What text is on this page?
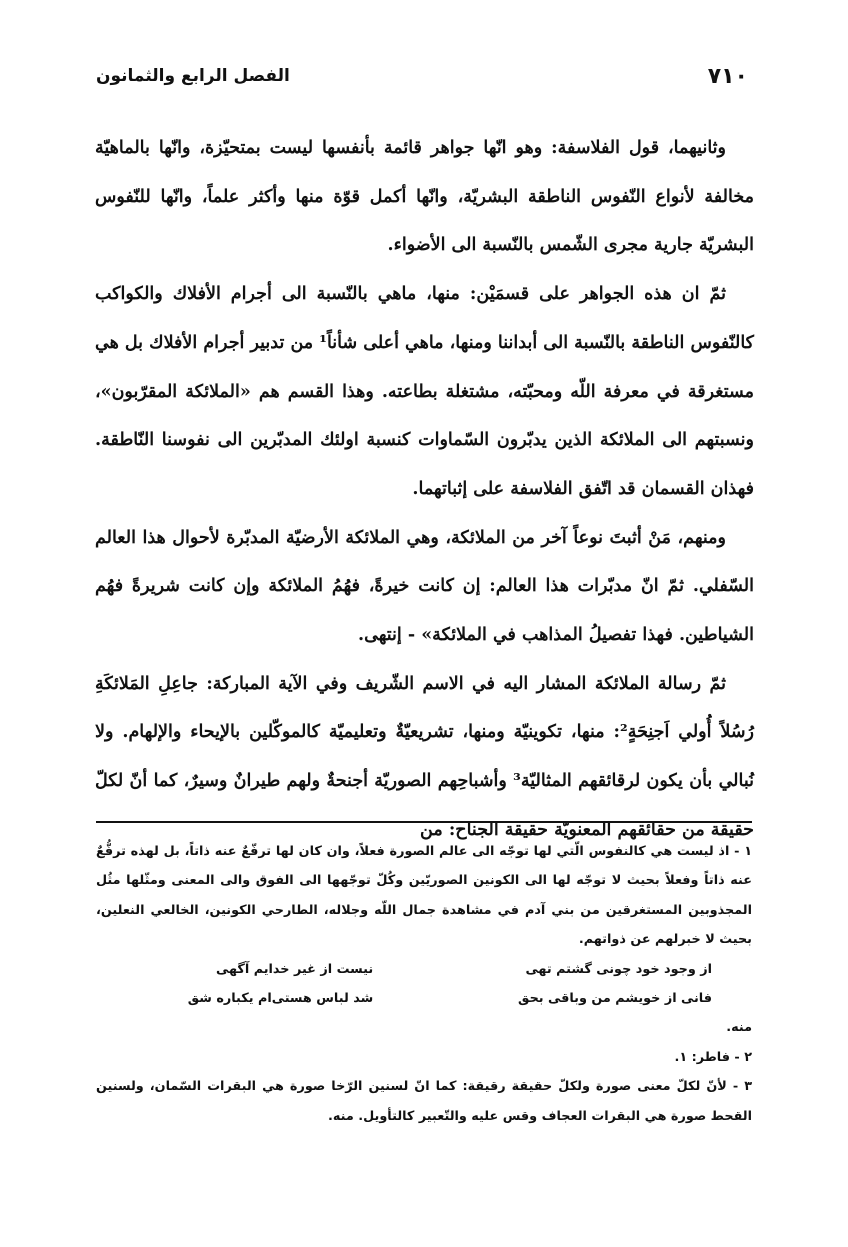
٧١٠
الفصل الرابع والثمانون

وثانيهما، قول الفلاسفة: وهو انّها جواهر قائمة بأنفسها ليست بمتحيّزة، وانّها بالماهيّة مخالفة لأنواع النّفوس الناطقة البشريّة، وانّها أكمل قوّة منها وأكثر علماً، وانّها للنّفوس البشريّة جارية مجرى الشّمس بالنّسبة الى الأضواء.

ثمّ ان هذه الجواهر على قسمَيْن: منها، ماهي بالنّسبة الى أجرام الأفلاك والكواكب كالنّفوس الناطقة بالنّسبة الى أبداننا ومنها، ماهي أعلى شأناً¹ من تدبير أجرام الأفلاك بل هي مستغرقة في معرفة اللّه ومحبّته، مشتغلة بطاعته. وهذا القسم هم «الملائكة المقرّبون»، ونسبتهم الى الملائكة الذين يدبّرون السّماوات كنسبة اولئك المدبّرين الى نفوسنا النّاطقة. فهذان القسمان قد اتّفق الفلاسفة على إثباتهما.

ومنهم، مَنْ أثبتَ نوعاً آخر من الملائكة، وهي الملائكة الأرضيّة المدبّرة لأحوال هذا العالم السّفلي. ثمّ انّ مدبّرات هذا العالم: إن كانت خيرةً، فهُمُ الملائكة وإن كانت شريرةً فهُم الشياطين. فهذا تفصيلُ المذاهب في الملائكة» - إنتهى.

ثمّ رسالة الملائكة المشار اليه في الاسم الشّريف وفي الآية المباركة: جاعِلِ المَلائكَةِ رُسُلاً أُولي اَجنِحَةٍ²: منها، تكوينيّة ومنها، تشريعيّةٌ وتعليميّة كالموكّلين بالإيحاء والإلهام. ولا نُبالي بأن يكون لرقائقهم المثاليّة³ وأشباحِهم الصوريّة أجنحةٌ ولهم طيرانٌ وسيرٌ، كما أنّ لكلّ حقيقة من حقائقهم المعنويّة حقيقة الجناح: من

١ - اذ ليست هي كالنفوس الّتي لها توجّه الى عالم الصورة فعلاً، وان كان لها ترفّعٌ عنه ذاتاً، بل لهذه ترفُّعٌ عنه ذاتاً وفعلاً بحيث لا توجّه لها الى الكونين الصوريّين وكُلّ توجّهها الى الفوق والى المعنى ومثّلها مثُل المجذوبين المستغرقين من بني آدم في مشاهدة جمال اللّه وجلاله، الطارحي الكونين، الخالعي النعلين، بحيث لا خبرلهم عن ذواتهم.

از وجود خود چونى گشتم تهى
نيست از غير خدايم آگهى
فانى از خويشم من وباقى بحق
شد لباس هستى‌ام يكباره شق

منه.

٢ - فاطر: ١.

٣ - لأنّ لكلّ معنى صورة ولكلّ حقيقة رقيقة: كما انّ لسنين الرّخا صورة هي البقرات السّمان، ولسنين القحط صورة هي البقرات العجاف وقس عليه والتّعبير كالتأويل. منه.
